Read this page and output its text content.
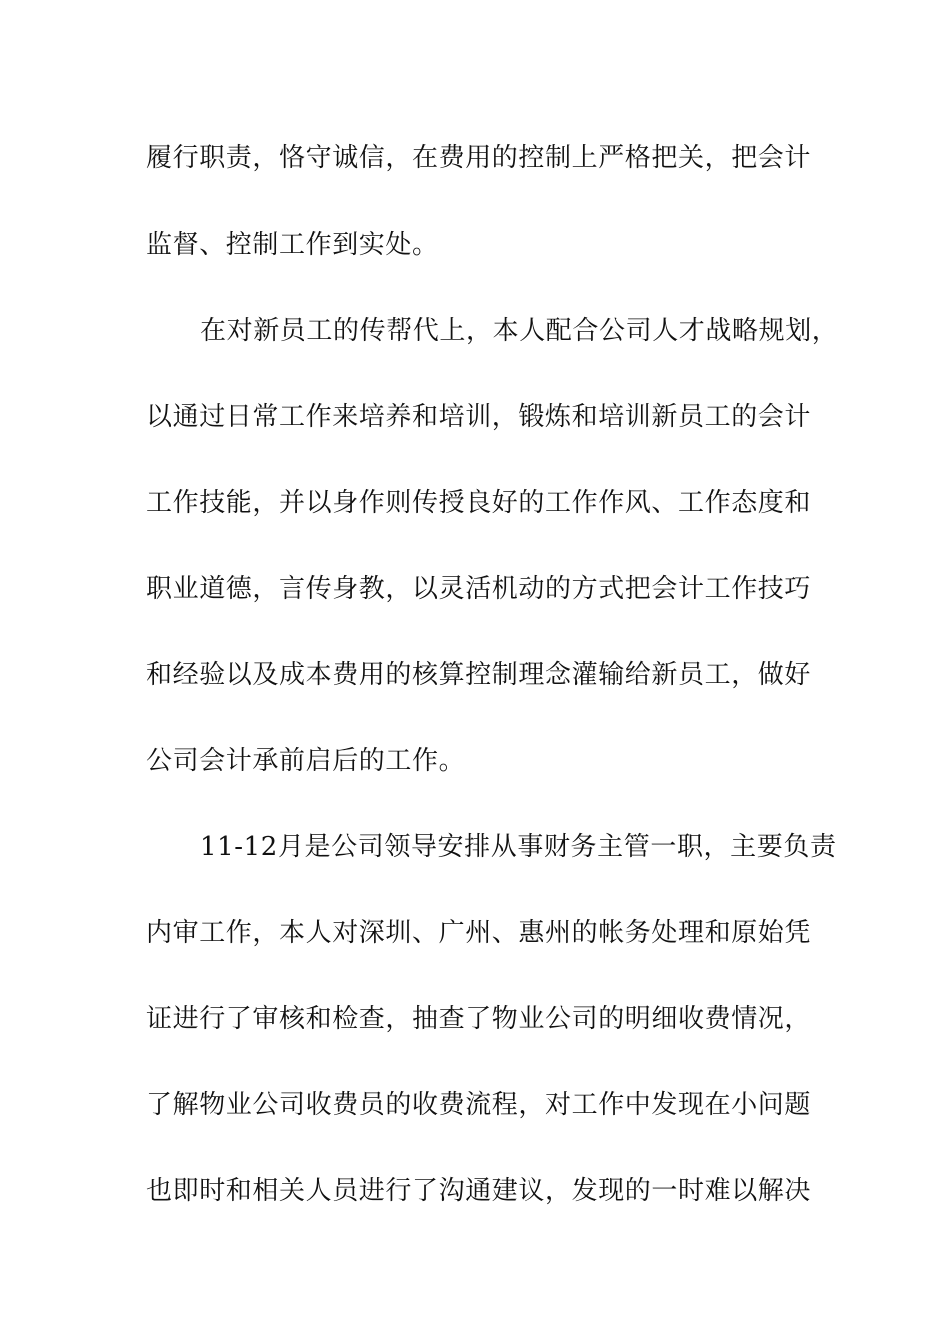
履行职责，恪守诚信，在费用的控制上严格把关，把会计
监督、控制工作到实处。
在对新员工的传帮代上，本人配合公司人才战略规划，
以通过日常工作来培养和培训，锻炼和培训新员工的会计
工作技能，并以身作则传授良好的工作作风、工作态度和
职业道德，言传身教，以灵活机动的方式把会计工作技巧
和经验以及成本费用的核算控制理念灌输给新员工，做好
公司会计承前启后的工作。
11-12月是公司领导安排从事财务主管一职，主要负责
内审工作，本人对深圳、广州、惠州的帐务处理和原始凭
证进行了审核和检查，抽查了物业公司的明细收费情况，
了解物业公司收费员的收费流程，对工作中发现在小问题
也即时和相关人员进行了沟通建议，发现的一时难以解决
